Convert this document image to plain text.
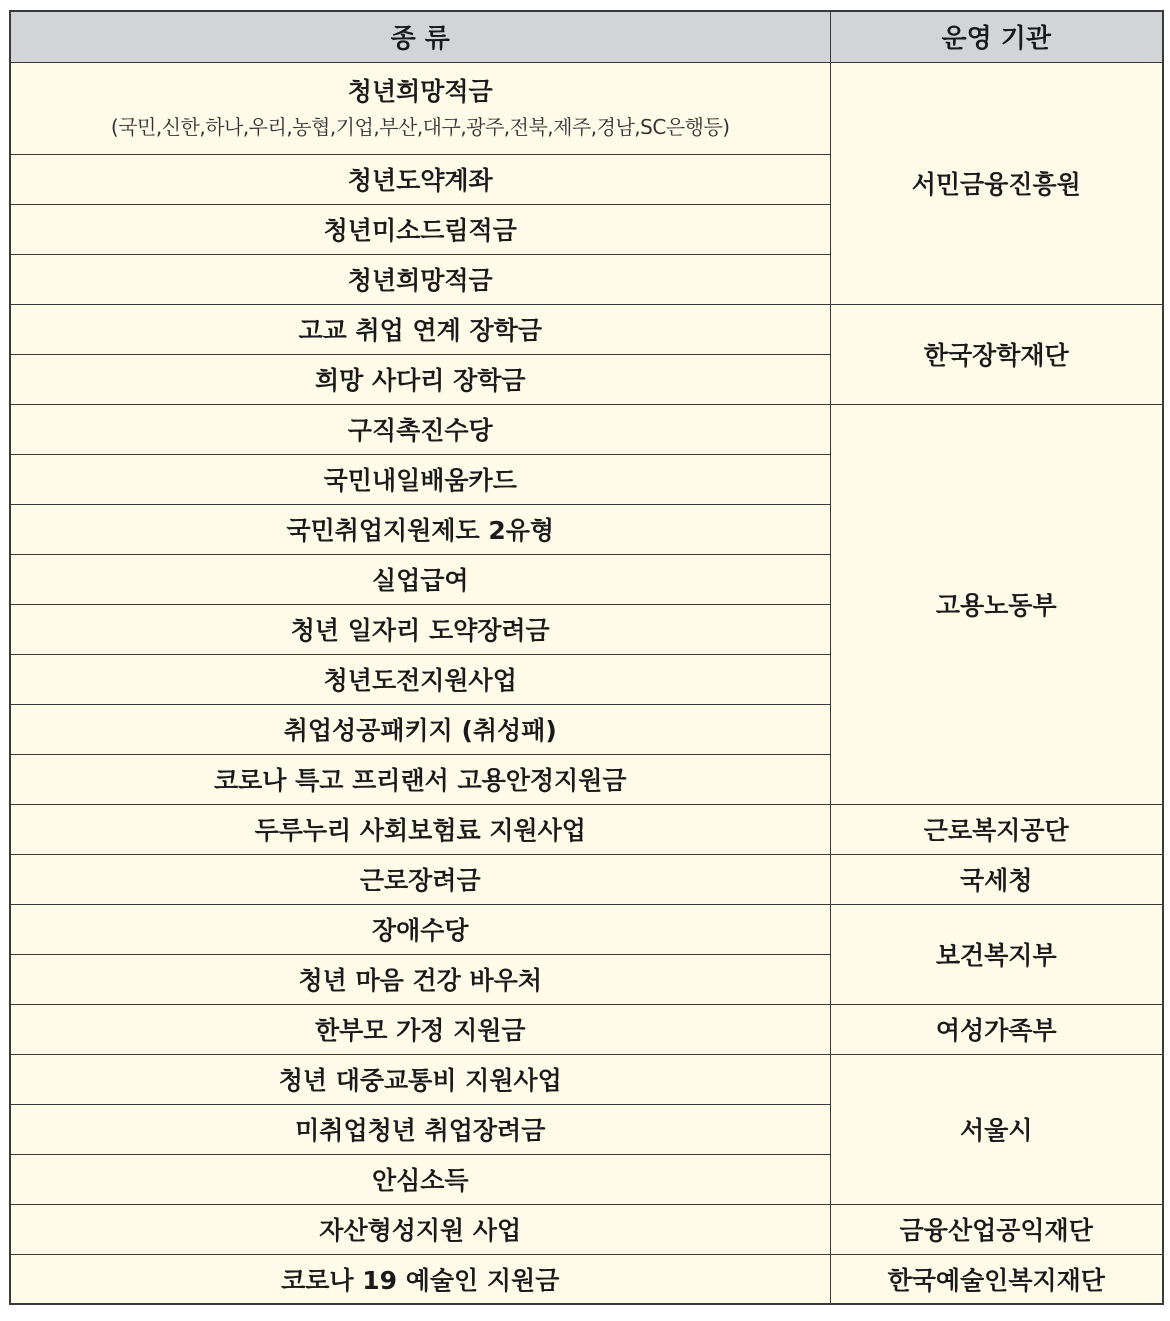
종 류	운영 기관
청년희망적금
(국민,신한,하나,우리,농협,기업,부산,대구,광주,전북,제주,경남,SC은행등)	서민금융진흥원
청년도약계좌	
청년미소드림적금	
청년희망적금	
고교 취업 연계 장학금	한국장학재단
희망 사다리 장학금	
구직촉진수당	고용노동부
국민내일배움카드	
국민취업지원제도 2유형	
실업급여	
청년 일자리 도약장려금	
청년도전지원사업	
취업성공패키지 (취성패)	
코로나 특고 프리랜서 고용안정지원금	
두루누리 사회보험료 지원사업	근로복지공단
근로장려금	국세청
장애수당	보건복지부
청년 마음 건강 바우처	
한부모 가정 지원금	여성가족부
청년 대중교통비 지원사업	서울시
미취업청년 취업장려금	
안심소득	
자산형성지원 사업	금융산업공익재단
코로나 19 예술인 지원금	한국예술인복지재단
